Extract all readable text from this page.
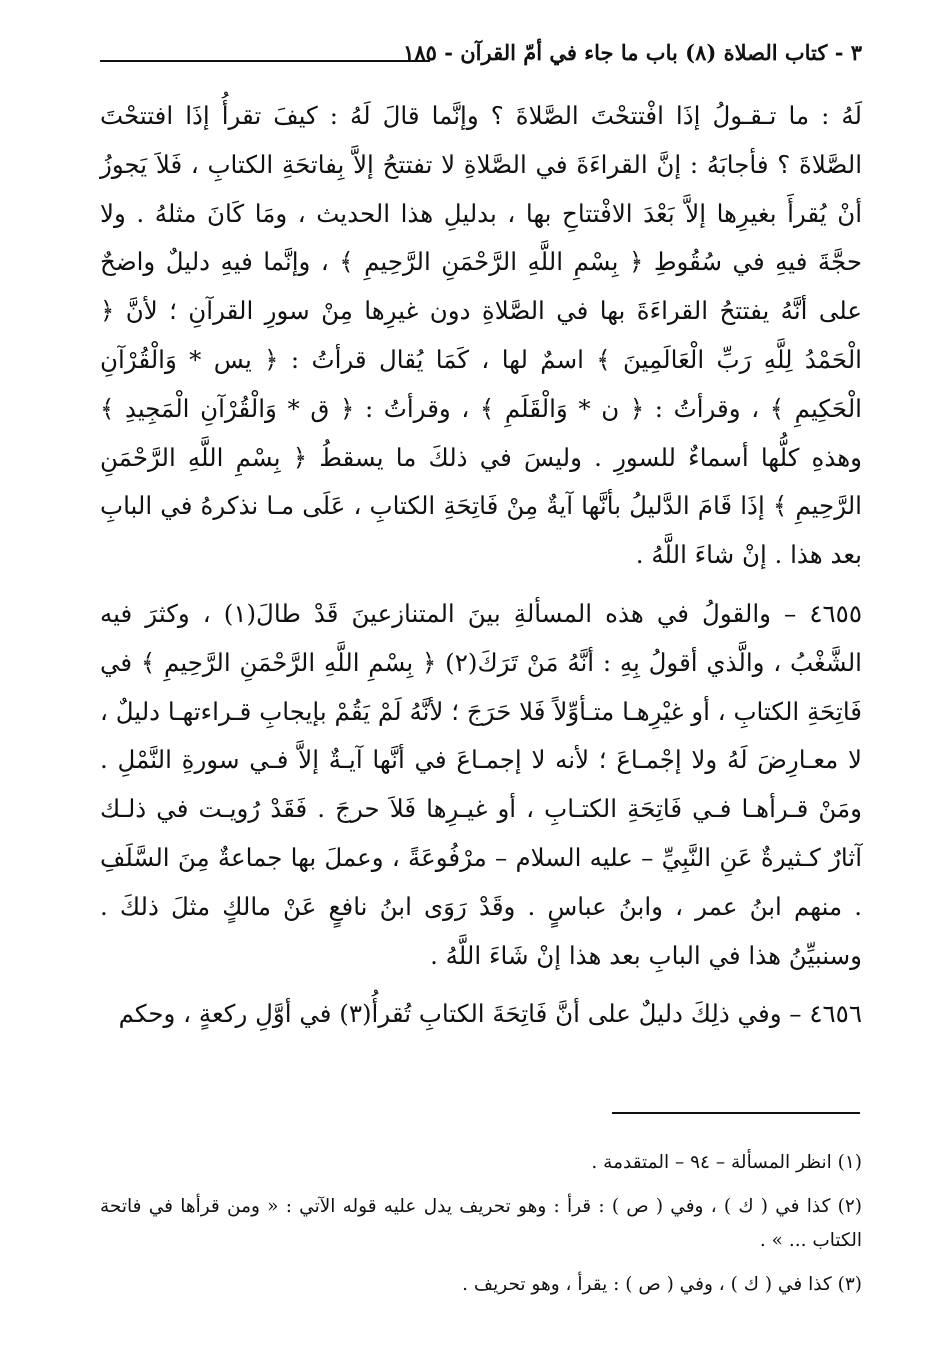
٣ - كتاب الصلاة (٨) باب ما جاء في أمّ القرآن - ١٨٥

لَهُ : ما تـقـولُ إذَا افْتتحْتَ الصَّلاةَ ؟ وإنَّما قالَ لَهُ : كيفَ تقرأُ إذَا افتتحْتَ الصَّلاةَ ؟ فأجابَهُ : إنَّ القراءَةَ في الصَّلاةِ لا تفتتحُ إلاَّ بِفاتحَةِ الكتابِ ، فَلاَ يَجوزُ أنْ يُقرأَ بغيرِها إلاَّ بَعْدَ الافْتتاحِ بها ، بدليلِ هذا الحديث ، ومَا كَانَ مثلهُ . ولا حجَّةَ فيهِ في سُقُوطِ ﴿ بِسْمِ اللَّهِ الرَّحْمَنِ الرَّحِيمِ ﴾ ، وإنَّما فيهِ دليلٌ واضحٌ على أنَّهُ يفتتحُ القراءَةَ بها في الصَّلاةِ دون غيرِها مِنْ سورِ القرآنِ ؛ لأنَّ ﴿ الْحَمْدُ لِلَّهِ رَبِّ الْعَالَمِينَ ﴾ اسمٌ لها ، كَمَا يُقال قرأتُ : ﴿ يس * وَالْقُرْآنِ الْحَكِيمِ ﴾ ، وقرأتُ : ﴿ ن * وَالْقَلَمِ ﴾ ، وقرأتُ : ﴿ ق * وَالْقُرْآنِ الْمَجِيدِ ﴾ وهذهِ كلُّها أسماءٌ للسورِ . وليسَ في ذلكَ ما يسقطُ ﴿ بِسْمِ اللَّهِ الرَّحْمَنِ الرَّحِيمِ ﴾ إذَا قَامَ الدَّليلُ بأنَّها آيةٌ مِنْ فَاتِحَةِ الكتابِ ، عَلَى مـا نذكرهُ في البابِ بعد هذا . إنْ شاءَ اللَّهُ .

٤٦٥٥ – والقولُ في هذه المسألةِ بينَ المتنازعينَ قَدْ طالَ(١) ، وكثرَ فيه الشَّغْبُ ، والَّذي أقولُ بِهِ : أنَّهُ مَنْ تَرَكَ(٢) ﴿ بِسْمِ اللَّهِ الرَّحْمَنِ الرَّحِيمِ ﴾ في فَاتِحَةِ الكتابِ ، أو غيْرِهـا متـأوِّلاً فَلا حَرَجَ ؛ لأنَّهُ لَمْ يَقُمْ بإيجابِ قـراءتهـا دليلٌ ، لا معـارِضَ لَهُ ولا إجْمـاعَ ؛ لأنه لا إجمـاعَ في أنَّها آيـةٌ إلاَّ فـي سورةِ النَّمْلِ . ومَنْ قـرأهـا فـي فَاتِحَةِ الكتـابِ ، أو غيـرِها فَلاَ حرجَ . فَقَدْ رُويـت في ذلـك آثارٌ كـثيرةٌ عَنِ النَّبِيِّ – عليه السلام – مرْفُوعَةً ، وعملَ بها جماعةٌ مِنَ السَّلَفِ . منهم ابنُ عمر ، وابنُ عباسٍ . وقَدْ رَوَى ابنُ نافعٍ عَنْ مالكٍ مثلَ ذلكَ . وسنبيِّنُ هذا في البابِ بعد هذا إنْ شَاءَ اللَّهُ .

٤٦٥٦ – وفي ذلِكَ دليلٌ على أنَّ فَاتِحَةَ الكتابِ تُقرأُ(٣) في أوَّلِ ركعةٍ ، وحكم

(١) انظر المسألة – ٩٤ – المتقدمة .

(٢) كذا في ( ك ) ، وفي ( ص ) : قرأ : وهو تحريف يدل عليه قوله الآتي : « ومن قرأها في فاتحة الكتاب ... » .

(٣) كذا في ( ك ) ، وفي ( ص ) : يقرأ ، وهو تحريف .
